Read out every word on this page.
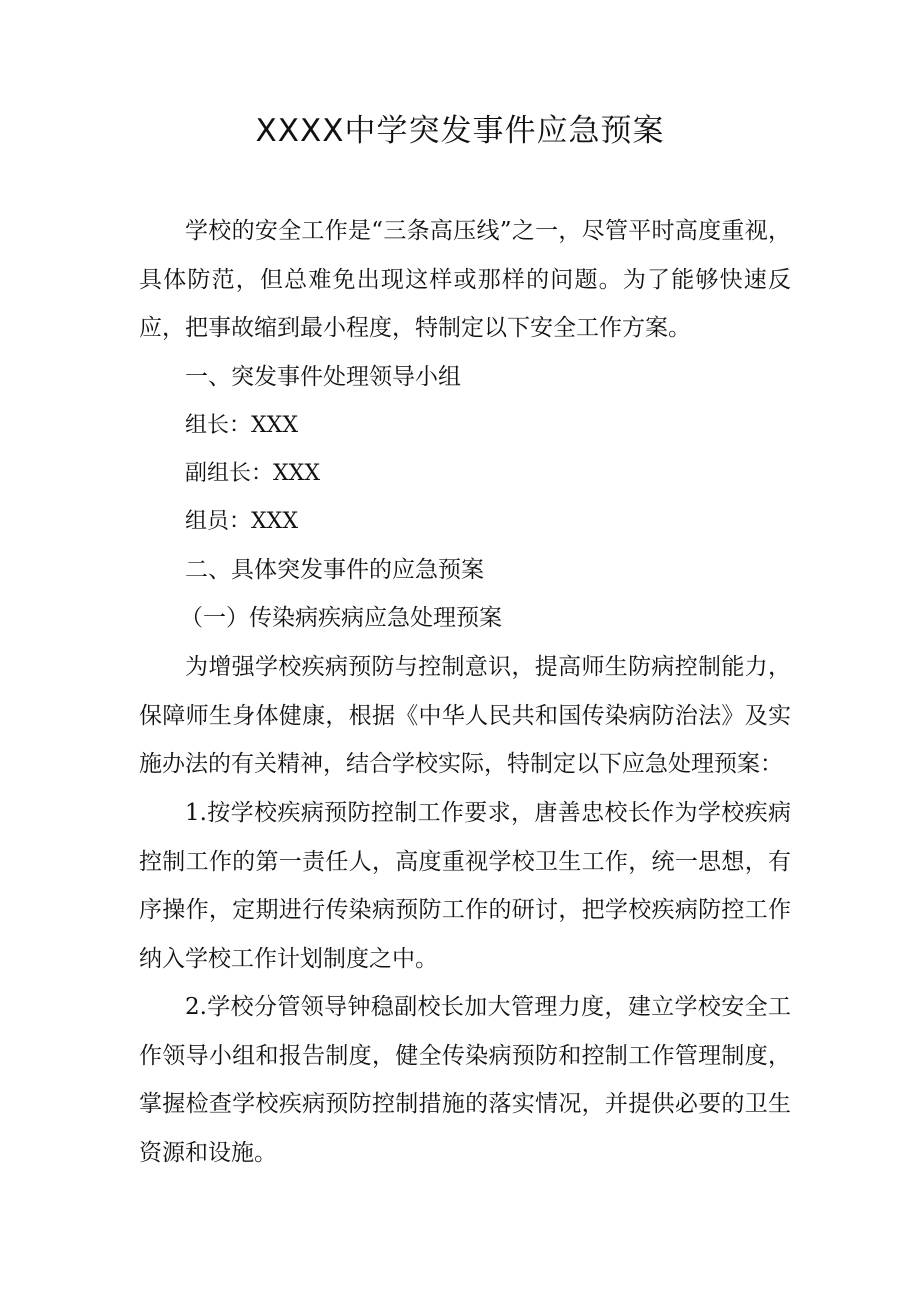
XXXX中学突发事件应急预案
学校的安全工作是“三条高压线”之一，尽管平时高度重视，具体防范，但总难免出现这样或那样的问题。为了能够快速反应，把事故缩到最小程度，特制定以下安全工作方案。
一、突发事件处理领导小组
组长：XXX
副组长：XXX
组员：XXX
二、具体突发事件的应急预案
（一）传染病疾病应急处理预案
为增强学校疾病预防与控制意识，提高师生防病控制能力，保障师生身体健康，根据《中华人民共和国传染病防治法》及实施办法的有关精神，结合学校实际，特制定以下应急处理预案：
1.按学校疾病预防控制工作要求，唐善忠校长作为学校疾病控制工作的第一责任人，高度重视学校卫生工作，统一思想，有序操作，定期进行传染病预防工作的研讨，把学校疾病防控工作纳入学校工作计划制度之中。
2.学校分管领导钟稳副校长加大管理力度，建立学校安全工作领导小组和报告制度，健全传染病预防和控制工作管理制度，掌握检查学校疾病预防控制措施的落实情况，并提供必要的卫生资源和设施。
